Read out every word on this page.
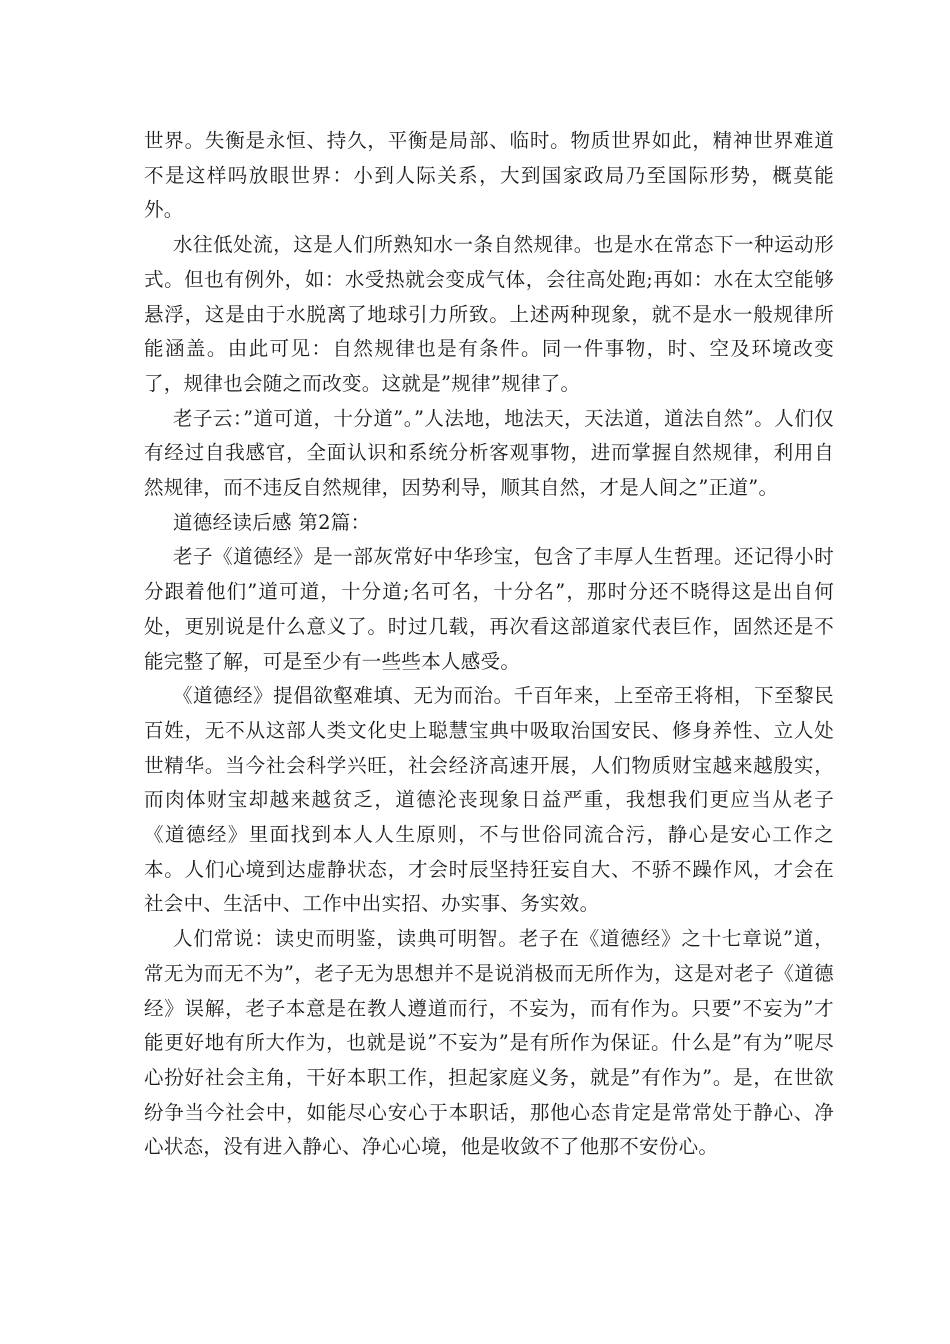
世界。失衡是永恒、持久，平衡是局部、临时。物质世界如此，精神世界难道不是这样吗放眼世界：小到人际关系，大到国家政局乃至国际形势，概莫能外。

水往低处流，这是人们所熟知水一条自然规律。也是水在常态下一种运动形式。但也有例外，如：水受热就会变成气体，会往高处跑;再如：水在太空能够悬浮，这是由于水脱离了地球引力所致。上述两种现象，就不是水一般规律所能涵盖。由此可见：自然规律也是有条件。同一件事物，时、空及环境改变了，规律也会随之而改变。这就是”规律”规律了。

老子云：”道可道，十分道”。”人法地，地法天，天法道，道法自然”。人们仅有经过自我感官，全面认识和系统分析客观事物，进而掌握自然规律，利用自然规律，而不违反自然规律，因势利导，顺其自然，才是人间之”正道”。

道德经读后感 第2篇：

老子《道德经》是一部灰常好中华珍宝，包含了丰厚人生哲理。还记得小时分跟着他们”道可道，十分道;名可名，十分名”，那时分还不晓得这是出自何处，更别说是什么意义了。时过几载，再次看这部道家代表巨作，固然还是不能完整了解，可是至少有一些些本人感受。

《道德经》提倡欲壑难填、无为而治。千百年来，上至帝王将相，下至黎民百姓，无不从这部人类文化史上聪慧宝典中吸取治国安民、修身养性、立人处世精华。当今社会科学兴旺，社会经济高速开展，人们物质财宝越来越殷实，而肉体财宝却越来越贫乏，道德沦丧现象日益严重，我想我们更应当从老子《道德经》里面找到本人人生原则，不与世俗同流合污，静心是安心工作之本。人们心境到达虚静状态，才会时辰坚持狂妄自大、不骄不躁作风，才会在社会中、生活中、工作中出实招、办实事、务实效。

人们常说：读史而明鉴，读典可明智。老子在《道德经》之十七章说”道，常无为而无不为”，老子无为思想并不是说消极而无所作为，这是对老子《道德经》误解，老子本意是在教人遵道而行，不妄为，而有作为。只要”不妄为”才能更好地有所大作为，也就是说”不妄为”是有所作为保证。什么是”有为”呢尽心扮好社会主角，干好本职工作，担起家庭义务，就是”有作为”。是，在世欲纷争当今社会中，如能尽心安心于本职话，那他心态肯定是常常处于静心、净心状态，没有进入静心、净心心境，他是收敛不了他那不安份心。
